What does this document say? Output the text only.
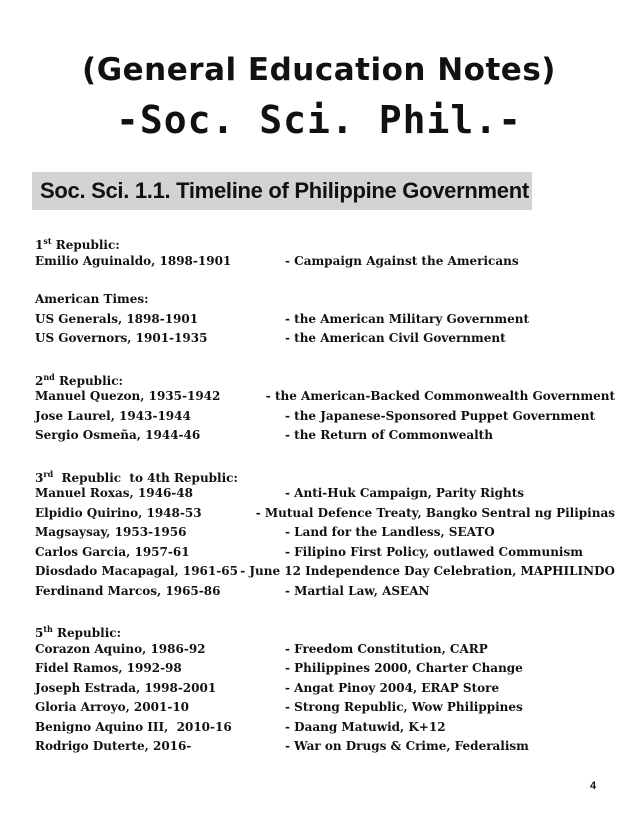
(General Education Notes)
-Soc. Sci. Phil.-
Soc. Sci. 1.1. Timeline of Philippine Government
1st Republic:
Emilio Aguinaldo, 1898-1901	- Campaign Against the Americans
American Times:
US Generals, 1898-1901	- the American Military Government
US Governors, 1901-1935	- the American Civil Government
2nd Republic:
Manuel Quezon, 1935-1942	- the American-Backed Commonwealth Government
Jose Laurel, 1943-1944	- the Japanese-Sponsored Puppet Government
Sergio Osmeña, 1944-46	- the Return of Commonwealth
3rd  Republic  to 4th Republic:
Manuel Roxas, 1946-48	- Anti-Huk Campaign, Parity Rights
Elpidio Quirino, 1948-53	- Mutual Defence Treaty, Bangko Sentral ng Pilipinas
Magsaysay, 1953-1956	- Land for the Landless, SEATO
Carlos Garcia, 1957-61	- Filipino First Policy, outlawed Communism
Diosdado Macapagal, 1961-65 - June 12 Independence Day Celebration, MAPHILINDO
Ferdinand Marcos, 1965-86	- Martial Law, ASEAN
5th Republic:
Corazon Aquino, 1986-92	- Freedom Constitution, CARP
Fidel Ramos, 1992-98	- Philippines 2000, Charter Change
Joseph Estrada, 1998-2001	- Angat Pinoy 2004, ERAP Store
Gloria Arroyo, 2001-10	- Strong Republic, Wow Philippines
Benigno Aquino III,  2010-16	- Daang Matuwid, K+12
Rodrigo Duterte, 2016-	- War on Drugs & Crime, Federalism
4
